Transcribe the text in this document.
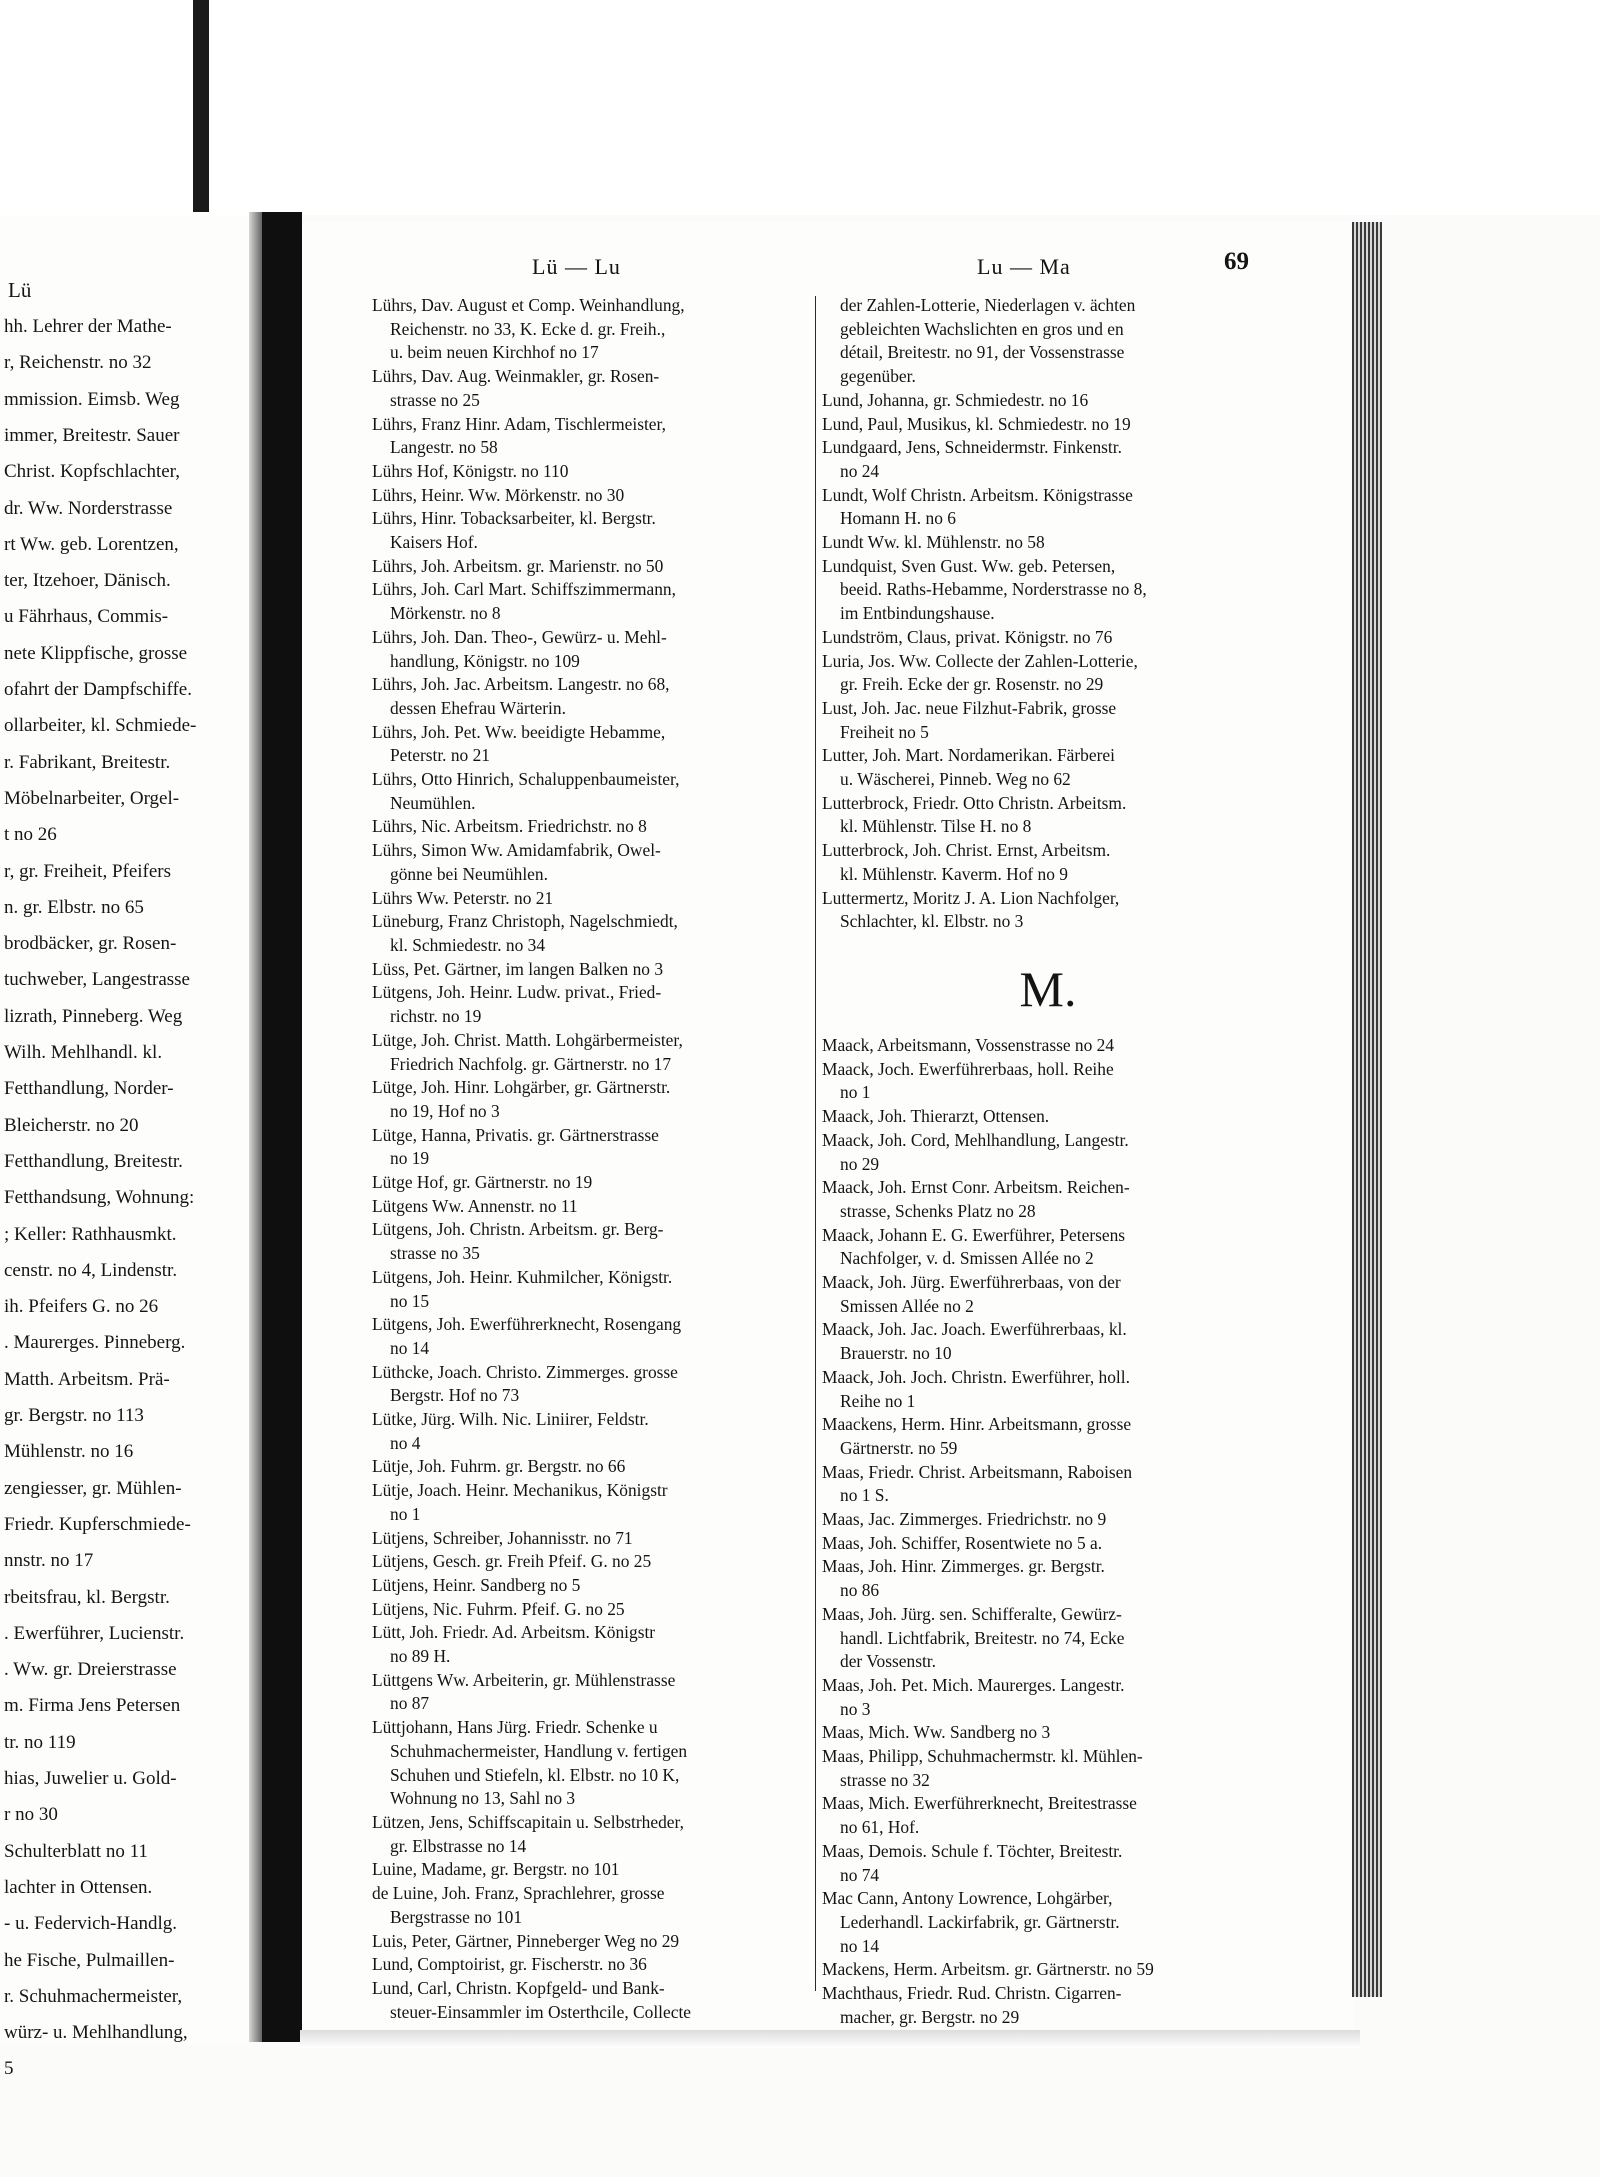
Lü
hh. Lehrer der Mathe-
r, Reichenstr. no 32
mmission. Eimsb. Weg
immer, Breitestr. Sauer
Christ. Kopfschlachter,
dr. Ww. Norderstrasse
rt Ww. geb. Lorentzen,
ter, Itzehoer, Dänisch.
u Fährhaus, Commis-
nete Klippfische, grosse
ofahrt der Dampfschiffe.
ollarbeiter, kl. Schmiede-
r. Fabrikant, Breitestr.
Möbelnarbeiter, Orgel-
t no 26
r, gr. Freiheit, Pfeifers
n. gr. Elbstr. no 65
brodbäcker, gr. Rosen-
tuchweber, Langestrasse
lizrath, Pinneberg. Weg
Wilh. Mehlhandl. kl.
Fetthandlung, Norder-
Bleicherstr. no 20
Fetthandlung, Breitestr.
Fetthandsung, Wohnung:
; Keller: Rathhausmkt.
censtr. no 4, Lindenstr.
ih. Pfeifers G. no 26
. Maurerges. Pinneberg.
Matth. Arbeitsm. Prä-
gr. Bergstr. no 113
Mühlenstr. no 16
zengiesser, gr. Mühlen-
Friedr. Kupferschmiede-
nnstr. no 17
rbeitsfrau, kl. Bergstr.
. Ewerführer, Lucienstr.
. Ww. gr. Dreierstrasse
m. Firma Jens Petersen
tr. no 119
hias, Juwelier u. Gold-
r no 30
Schulterblatt no 11
lachter in Ottensen.
- u. Federvich-Handlg.
he Fische, Pulmaillen-
r. Schuhmachermeister,
würz- u. Mehlhandlung,
5
Lü — Lu	Lu — Ma	69

Lührs, Dav. August et Comp. Weinhandlung,
Reichenstr. no 33, K. Ecke d. gr. Freih.,
u. beim neuen Kirchhof no 17

Lührs, Dav. Aug. Weinmakler, gr. Rosen-
strasse no 25

Lührs, Franz Hinr. Adam, Tischlermeister,
Langestr. no 58

Lührs Hof, Königstr. no 110

Lührs, Heinr. Ww. Mörkenstr. no 30

Lührs, Hinr. Tobacksarbeiter, kl. Bergstr.
Kaisers Hof.

Lührs, Joh. Arbeitsm. gr. Marienstr. no 50

Lührs, Joh. Carl Mart. Schiffszimmermann,
Mörkenstr. no 8

Lührs, Joh. Dan. Theo-, Gewürz- u. Mehl-
handlung, Königstr. no 109

Lührs, Joh. Jac. Arbeitsm. Langestr. no 68,
dessen Ehefrau Wärterin.

Lührs, Joh. Pet. Ww. beeidigte Hebamme,
Peterstr. no 21

Lührs, Otto Hinrich, Schaluppenbaumeister,
Neumühlen.

Lührs, Nic. Arbeitsm. Friedrichstr. no 8

Lührs, Simon Ww. Amidamfabrik, Owel-
gönne bei Neumühlen.

Lührs Ww. Peterstr. no 21

Lüneburg, Franz Christoph, Nagelschmiedt,
kl. Schmiedestr. no 34

Lüss, Pet. Gärtner, im langen Balken no 3

Lütgens, Joh. Heinr. Ludw. privat., Fried-
richstr. no 19

Lütge, Joh. Christ. Matth. Lohgärbermeister,
Friedrich Nachfolg. gr. Gärtnerstr. no 17

Lütge, Joh. Hinr. Lohgärber, gr. Gärtnerstr.
no 19, Hof no 3

Lütge, Hanna, Privatis. gr. Gärtnerstrasse
no 19

Lütge Hof, gr. Gärtnerstr. no 19

Lütgens Ww. Annenstr. no 11

Lütgens, Joh. Christn. Arbeitsm. gr. Berg-
strasse no 35

Lütgens, Joh. Heinr. Kuhmilcher, Königstr.
no 15

Lütgens, Joh. Ewerführerknecht, Rosengang
no 14

Lüthcke, Joach. Christo. Zimmerges. grosse
Bergstr. Hof no 73

Lütke, Jürg. Wilh. Nic. Liniirer, Feldstr.
no 4

Lütje, Joh. Fuhrm. gr. Bergstr. no 66

Lütje, Joach. Heinr. Mechanikus, Königstr
no 1

Lütjens, Schreiber, Johannisstr. no 71

Lütjens, Gesch. gr. Freih Pfeif. G. no 25

Lütjens, Heinr. Sandberg no 5

Lütjens, Nic. Fuhrm. Pfeif. G. no 25

Lütt, Joh. Friedr. Ad. Arbeitsm. Königstr
no 89 H.

Lüttgens Ww. Arbeiterin, gr. Mühlenstrasse
no 87

Lüttjohann, Hans Jürg. Friedr. Schenke u
Schuhmachermeister, Handlung v. fertigen
Schuhen und Stiefeln, kl. Elbstr. no 10 K,
Wohnung no 13, Sahl no 3

Lützen, Jens, Schiffscapitain u. Selbstrheder,
gr. Elbstrasse no 14

Luine, Madame, gr. Bergstr. no 101

de Luine, Joh. Franz, Sprachlehrer, grosse
Bergstrasse no 101

Luis, Peter, Gärtner, Pinneberger Weg no 29

Lund, Comptoirist, gr. Fischerstr. no 36

Lund, Carl, Christn. Kopfgeld- und Bank-
steuer-Einsammler im Osterthcile, Collecte

der Zahlen-Lotterie, Niederlagen v. ächten
gebleichten Wachslichten en gros und en
détail, Breitestr. no 91, der Vossenstrasse
gegenüber.

Lund, Johanna, gr. Schmiedestr. no 16

Lund, Paul, Musikus, kl. Schmiedestr. no 19

Lundgaard, Jens, Schneidermstr. Finkenstr.
no 24

Lundt, Wolf Christn. Arbeitsm. Königstrasse
Homann H. no 6

Lundt Ww. kl. Mühlenstr. no 58

Lundquist, Sven Gust. Ww. geb. Petersen,
beeid. Raths-Hebamme, Norderstrasse no 8,
im Entbindungshause.

Lundström, Claus, privat. Königstr. no 76

Luria, Jos. Ww. Collecte der Zahlen-Lotterie,
gr. Freih. Ecke der gr. Rosenstr. no 29

Lust, Joh. Jac. neue Filzhut-Fabrik, grosse
Freiheit no 5

Lutter, Joh. Mart. Nordamerikan. Färberei
u. Wäscherei, Pinneb. Weg no 62

Lutterbrock, Friedr. Otto Christn. Arbeitsm.
kl. Mühlenstr. Tilse H. no 8

Lutterbrock, Joh. Christ. Ernst, Arbeitsm.
kl. Mühlenstr. Kaverm. Hof no 9

Luttermertz, Moritz J. A. Lion Nachfolger,
Schlachter, kl. Elbstr. no 3

M.

Maack, Arbeitsmann, Vossenstrasse no 24

Maack, Joch. Ewerführerbaas, holl. Reihe
no 1

Maack, Joh. Thierarzt, Ottensen.

Maack, Joh. Cord, Mehlhandlung, Langestr.
no 29

Maack, Joh. Ernst Conr. Arbeitsm. Reichen-
strasse, Schenks Platz no 28

Maack, Johann E. G. Ewerführer, Petersens
Nachfolger, v. d. Smissen Allée no 2

Maack, Joh. Jürg. Ewerführerbaas, von der
Smissen Allée no 2

Maack, Joh. Jac. Joach. Ewerführerbaas, kl.
Brauerstr. no 10

Maack, Joh. Joch. Christn. Ewerführer, holl.
Reihe no 1

Maackens, Herm. Hinr. Arbeitsmann, grosse
Gärtnerstr. no 59

Maas, Friedr. Christ. Arbeitsmann, Raboisen
no 1 S.

Maas, Jac. Zimmerges. Friedrichstr. no 9

Maas, Joh. Schiffer, Rosentwiete no 5 a.

Maas, Joh. Hinr. Zimmerges. gr. Bergstr.
no 86

Maas, Joh. Jürg. sen. Schifferalte, Gewürz-
handl. Lichtfabrik, Breitestr. no 74, Ecke
der Vossenstr.

Maas, Joh. Pet. Mich. Maurerges. Langestr.
no 3

Maas, Mich. Ww. Sandberg no 3

Maas, Philipp, Schuhmachermstr. kl. Mühlen-
strasse no 32

Maas, Mich. Ewerführerknecht, Breitestrasse
no 61, Hof.

Maas, Demois. Schule f. Töchter, Breitestr.
no 74

Mac Cann, Antony Lowrence, Lohgärber,
Lederhandl. Lackirfabrik, gr. Gärtnerstr.
no 14

Mackens, Herm. Arbeitsm. gr. Gärtnerstr. no 59

Machthaus, Friedr. Rud. Christn. Cigarren-
macher, gr. Bergstr. no 29
